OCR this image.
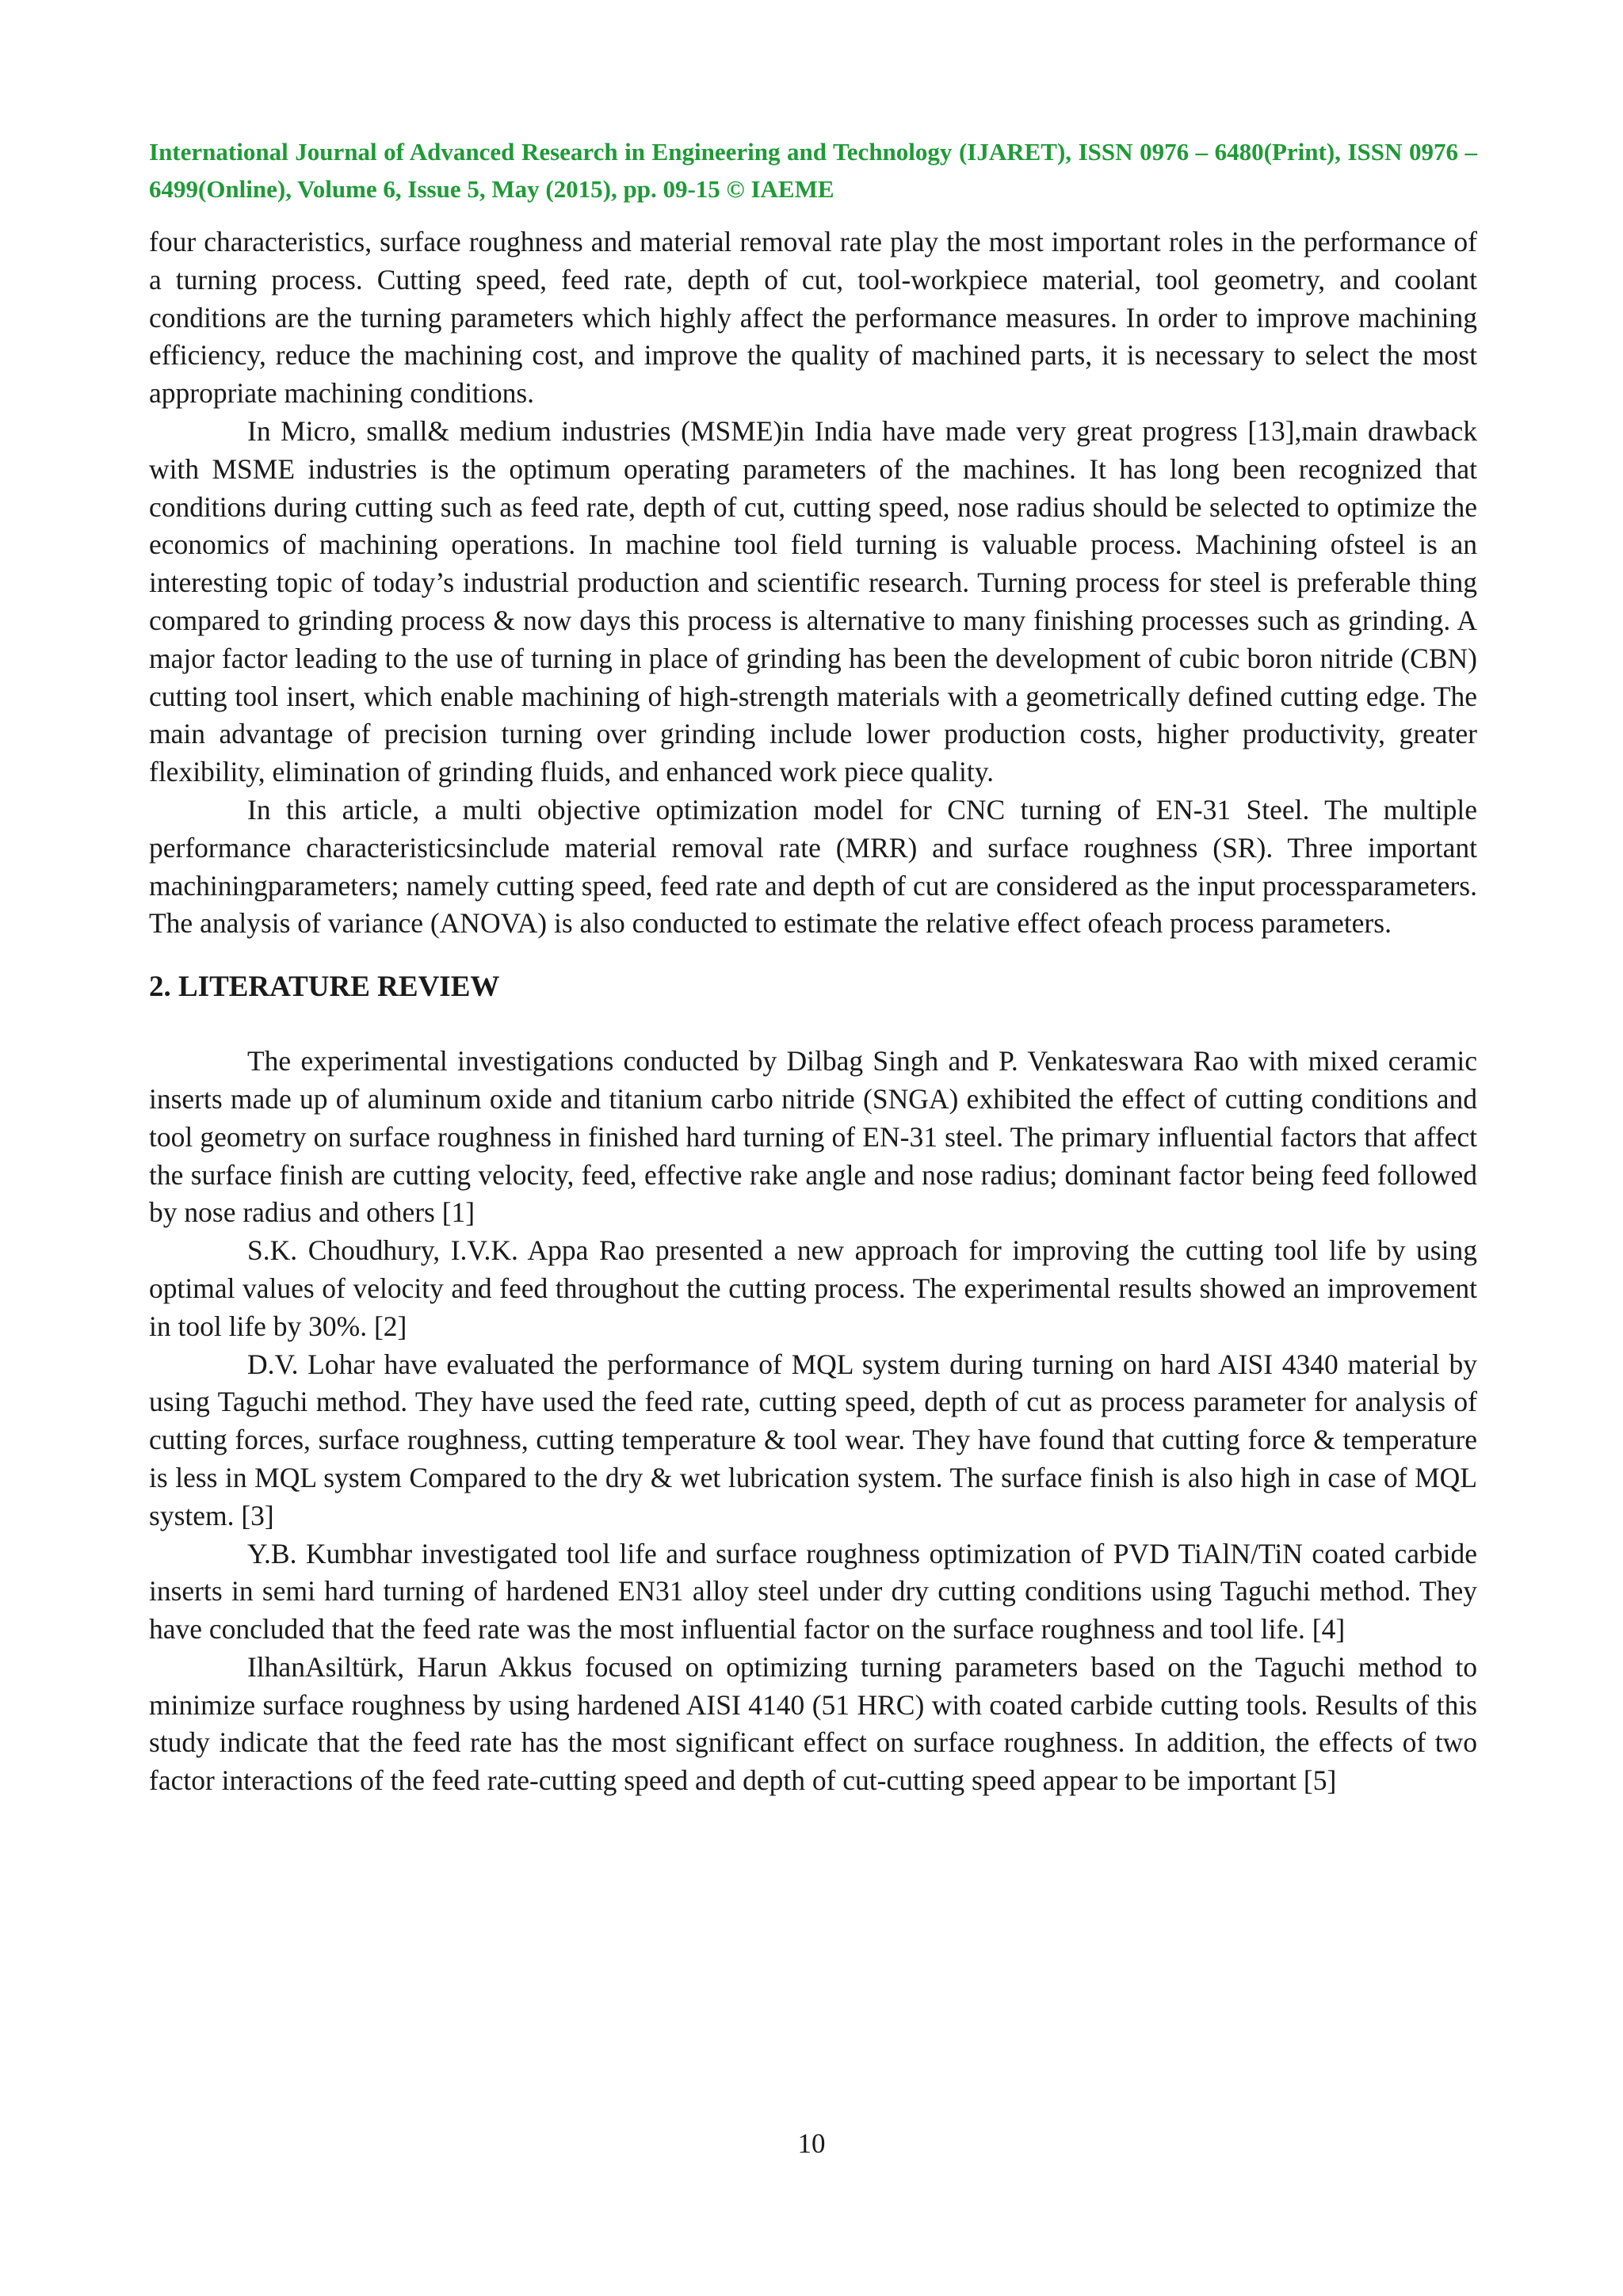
International Journal of Advanced Research in Engineering and Technology (IJARET), ISSN 0976 – 6480(Print), ISSN 0976 – 6499(Online), Volume 6, Issue 5, May (2015), pp. 09-15 © IAEME

four characteristics, surface roughness and material removal rate play the most important roles in the performance of a turning process. Cutting speed, feed rate, depth of cut, tool-workpiece material, tool geometry, and coolant conditions are the turning parameters which highly affect the performance measures. In order to improve machining efficiency, reduce the machining cost, and improve the quality of machined parts, it is necessary to select the most appropriate machining conditions.

In Micro, small& medium industries (MSME)in India have made very great progress [13],main drawback with MSME industries is the optimum operating parameters of the machines. It has long been recognized that conditions during cutting such as feed rate, depth of cut, cutting speed, nose radius should be selected to optimize the economics of machining operations. In machine tool field turning is valuable process. Machining ofsteel is an interesting topic of today’s industrial production and scientific research. Turning process for steel is preferable thing compared to grinding process & now days this process is alternative to many finishing processes such as grinding. A major factor leading to the use of turning in place of grinding has been the development of cubic boron nitride (CBN) cutting tool insert, which enable machining of high-strength materials with a geometrically defined cutting edge. The main advantage of precision turning over grinding include lower production costs, higher productivity, greater flexibility, elimination of grinding fluids, and enhanced work piece quality.

In this article, a multi objective optimization model for CNC turning of EN-31 Steel. The multiple performance characteristicsinclude material removal rate (MRR) and surface roughness (SR). Three important machiningparameters; namely cutting speed, feed rate and depth of cut are considered as the input processparameters. The analysis of variance (ANOVA) is also conducted to estimate the relative effect ofeach process parameters.

2. LITERATURE REVIEW

The experimental investigations conducted by Dilbag Singh and P. Venkateswara Rao with mixed ceramic inserts made up of aluminum oxide and titanium carbo nitride (SNGA) exhibited the effect of cutting conditions and tool geometry on surface roughness in finished hard turning of EN-31 steel. The primary influential factors that affect the surface finish are cutting velocity, feed, effective rake angle and nose radius; dominant factor being feed followed by nose radius and others [1]

S.K. Choudhury, I.V.K. Appa Rao presented a new approach for improving the cutting tool life by using optimal values of velocity and feed throughout the cutting process. The experimental results showed an improvement in tool life by 30%. [2]

D.V. Lohar have evaluated the performance of MQL system during turning on hard AISI 4340 material by using Taguchi method. They have used the feed rate, cutting speed, depth of cut as process parameter for analysis of cutting forces, surface roughness, cutting temperature & tool wear. They have found that cutting force & temperature is less in MQL system Compared to the dry & wet lubrication system. The surface finish is also high in case of MQL system. [3]

Y.B. Kumbhar investigated tool life and surface roughness optimization of PVD TiAlN/TiN coated carbide inserts in semi hard turning of hardened EN31 alloy steel under dry cutting conditions using Taguchi method. They have concluded that the feed rate was the most influential factor on the surface roughness and tool life. [4]

IlhanAsiltürk, Harun Akkus focused on optimizing turning parameters based on the Taguchi method to minimize surface roughness by using hardened AISI 4140 (51 HRC) with coated carbide cutting tools. Results of this study indicate that the feed rate has the most significant effect on surface roughness. In addition, the effects of two factor interactions of the feed rate-cutting speed and depth of cut-cutting speed appear to be important [5]

10
